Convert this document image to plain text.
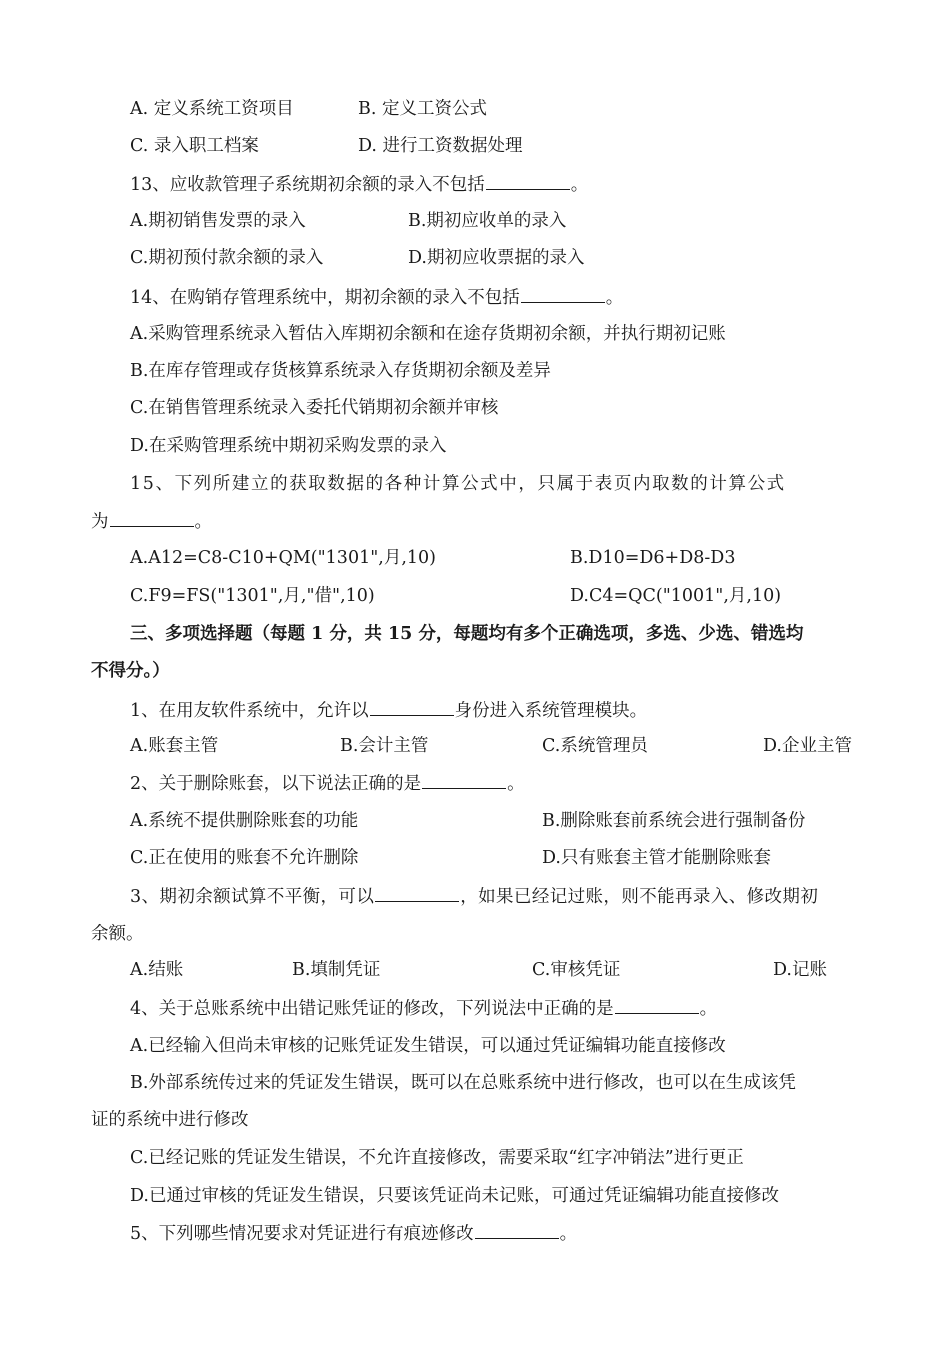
A. 定义系统工资项目	B. 定义工资公式
C. 录入职工档案	D. 进行工资数据处理
13、应收款管理子系统期初余额的录入不包括	。
A.期初销售发票的录入	B.期初应收单的录入
C.期初预付款余额的录入	D.期初应收票据的录入
14、在购销存管理系统中，期初余额的录入不包括	。
A.采购管理系统录入暂估入库期初余额和在途存货期初余额，并执行期初记账
B.在库存管理或存货核算系统录入存货期初余额及差异
C.在销售管理系统录入委托代销期初余额并审核
D.在采购管理系统中期初采购发票的录入
15、下列所建立的获取数据的各种计算公式中，只属于表页内取数的计算公式
为	。
A.A12=C8-C10+QM("1301",月,10)	B.D10=D6+D8-D3
C.F9=FS("1301",月,"借",10)	D.C4=QC("1001",月,10)
三、多项选择题（每题 1 分，共 15 分，每题均有多个正确选项，多选、少选、错选均
不得分。）
1、在用友软件系统中，允许以	身份进入系统管理模块。
A.账套主管	B.会计主管	C.系统管理员	D.企业主管
2、关于删除账套，以下说法正确的是	。
A.系统不提供删除账套的功能	B.删除账套前系统会进行强制备份
C.正在使用的账套不允许删除	D.只有账套主管才能删除账套
3、期初余额试算不平衡，可以	，如果已经记过账，则不能再录入、修改期初
余额。
A.结账	B.填制凭证	C.审核凭证	D.记账
4、关于总账系统中出错记账凭证的修改，下列说法中正确的是	。
A.已经输入但尚未审核的记账凭证发生错误，可以通过凭证编辑功能直接修改
B.外部系统传过来的凭证发生错误，既可以在总账系统中进行修改，也可以在生成该凭
证的系统中进行修改
C.已经记账的凭证发生错误，不允许直接修改，需要采取“红字冲销法”进行更正
D.已通过审核的凭证发生错误，只要该凭证尚未记账，可通过凭证编辑功能直接修改
5、下列哪些情况要求对凭证进行有痕迹修改	。
